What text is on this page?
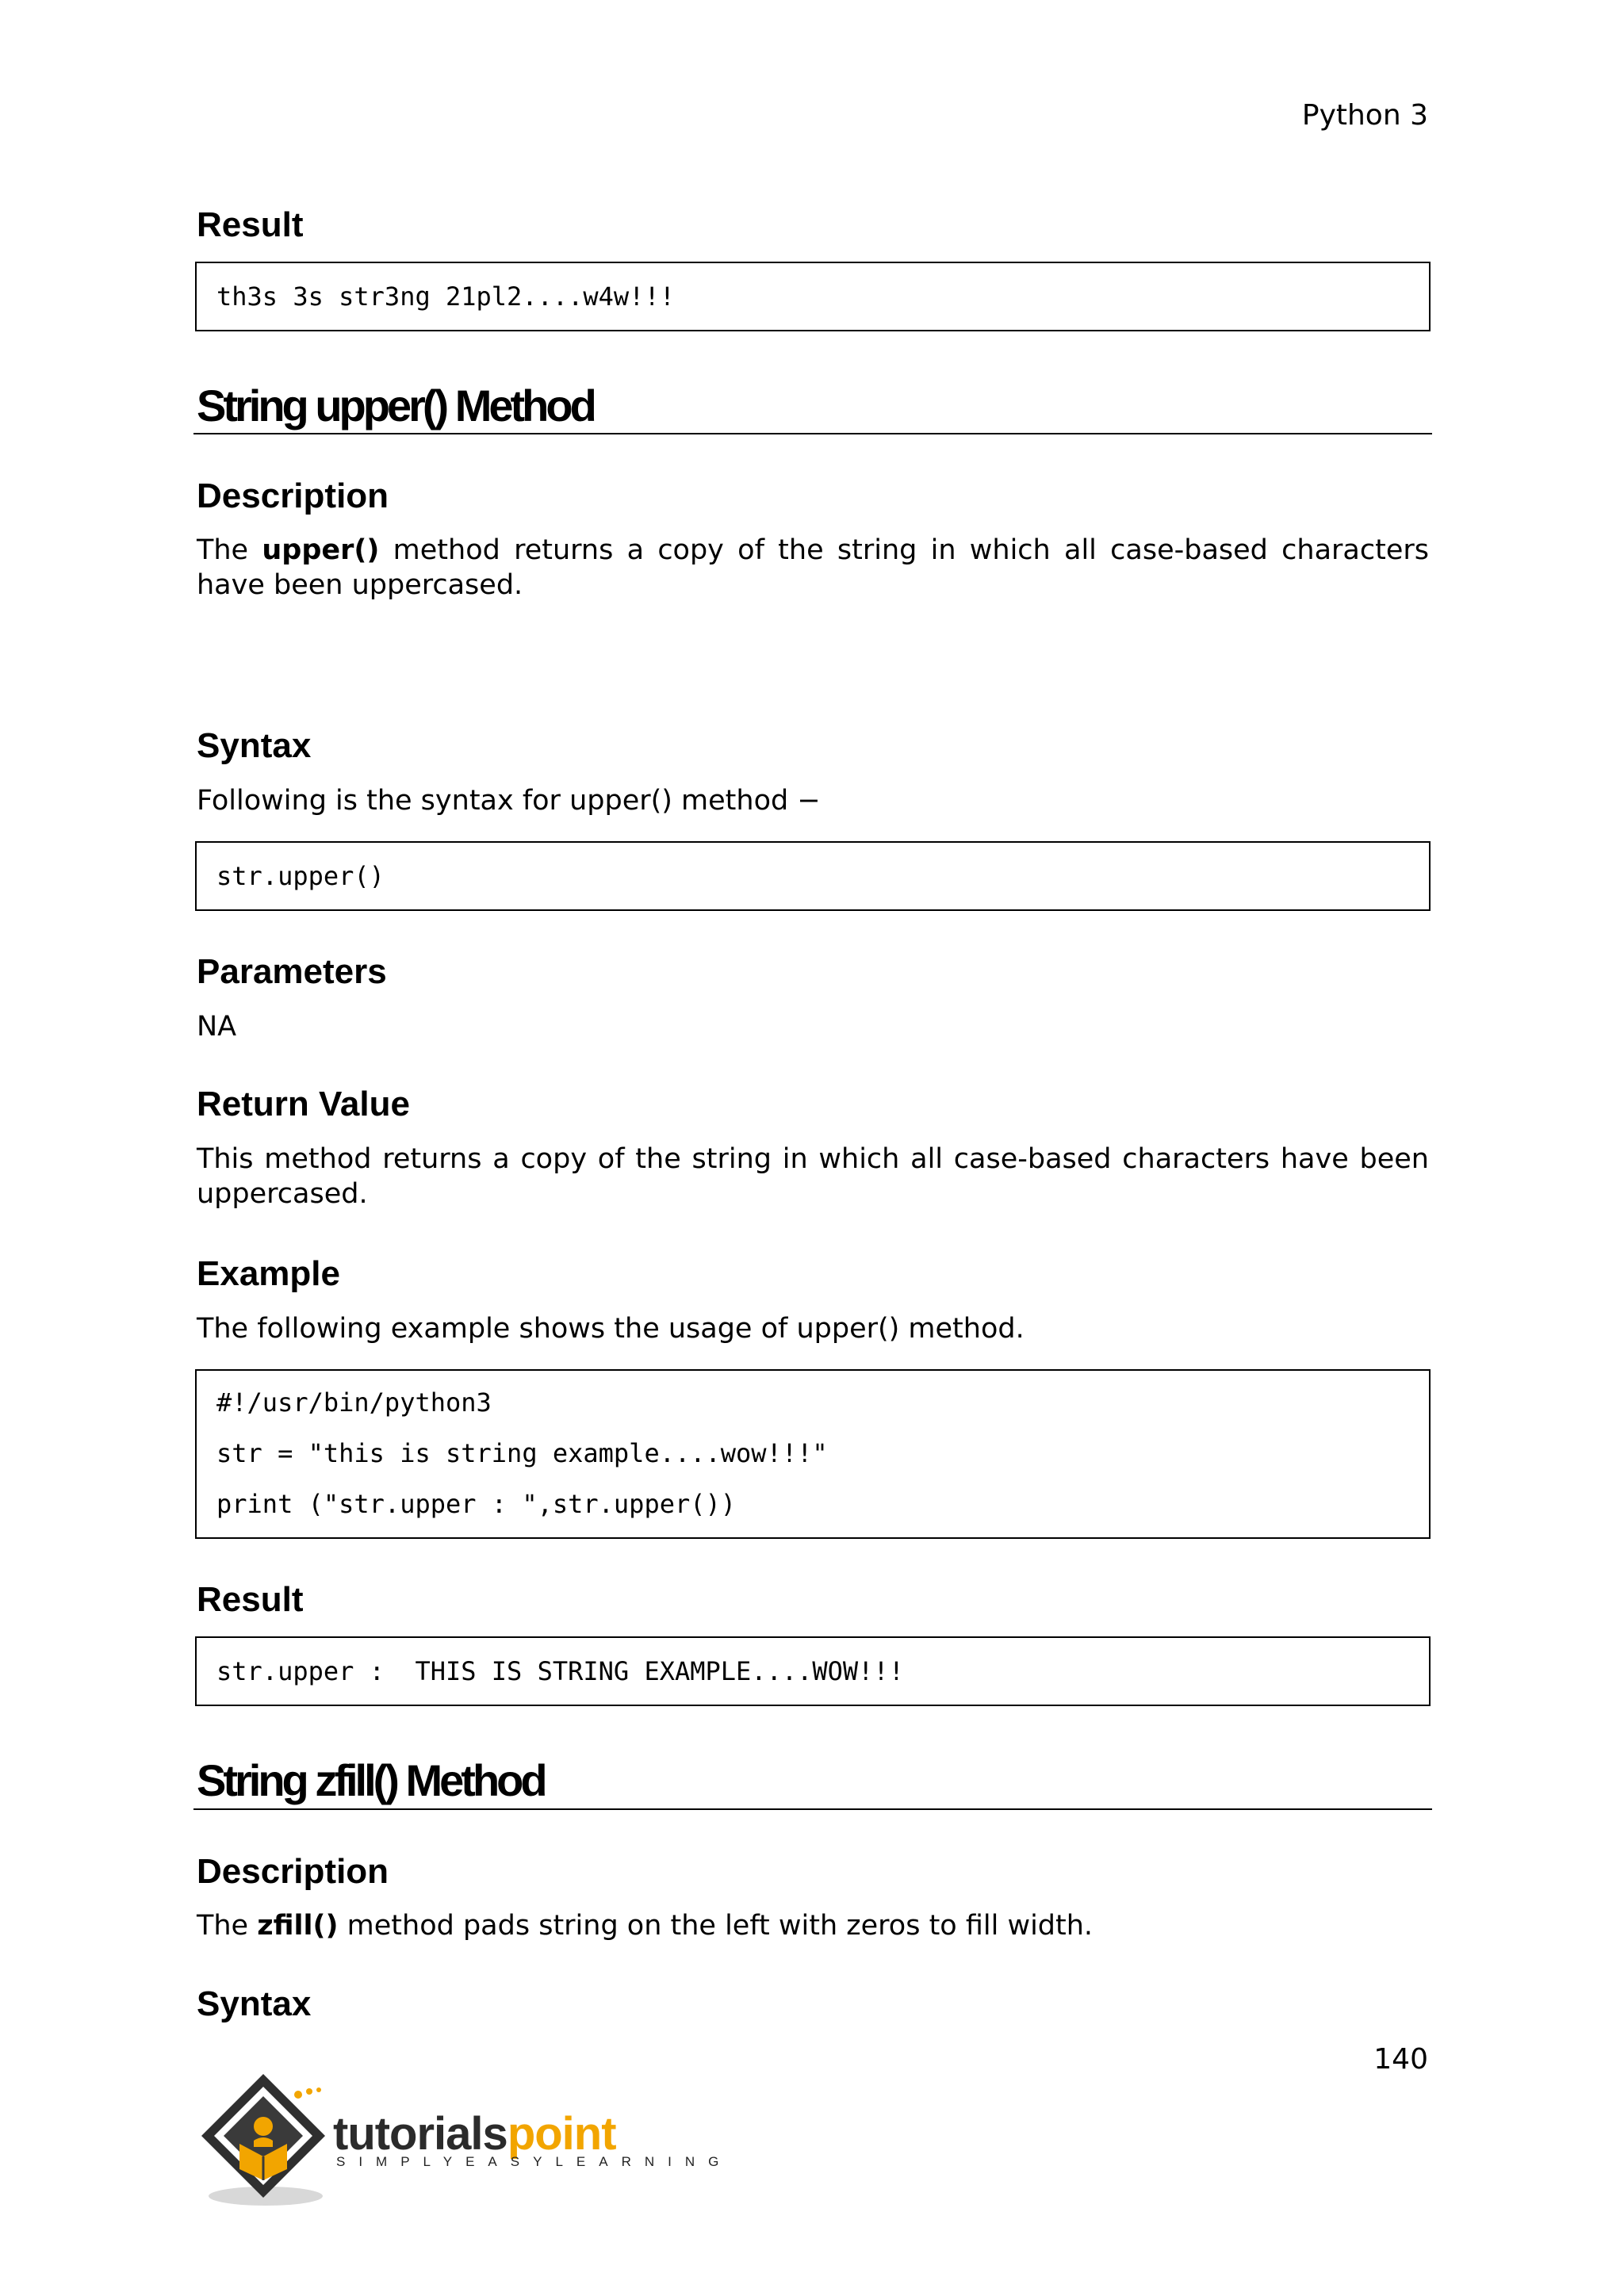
Python 3
Result
th3s 3s str3ng 21pl2....w4w!!!
String upper() Method
Description
The upper() method returns a copy of the string in which all case-based characters have been uppercased.
Syntax
Following is the syntax for upper() method −
str.upper()
Parameters
NA
Return Value
This method returns a copy of the string in which all case-based characters have been uppercased.
Example
The following example shows the usage of upper() method.
#!/usr/bin/python3
str = "this is string example....wow!!!"
print ("str.upper : ",str.upper())
Result
str.upper :  THIS IS STRING EXAMPLE....WOW!!!
String zfill() Method
Description
The zfill() method pads string on the left with zeros to fill width.
Syntax
140
tutorialspoint
SIMPLYEASYLEARNING
